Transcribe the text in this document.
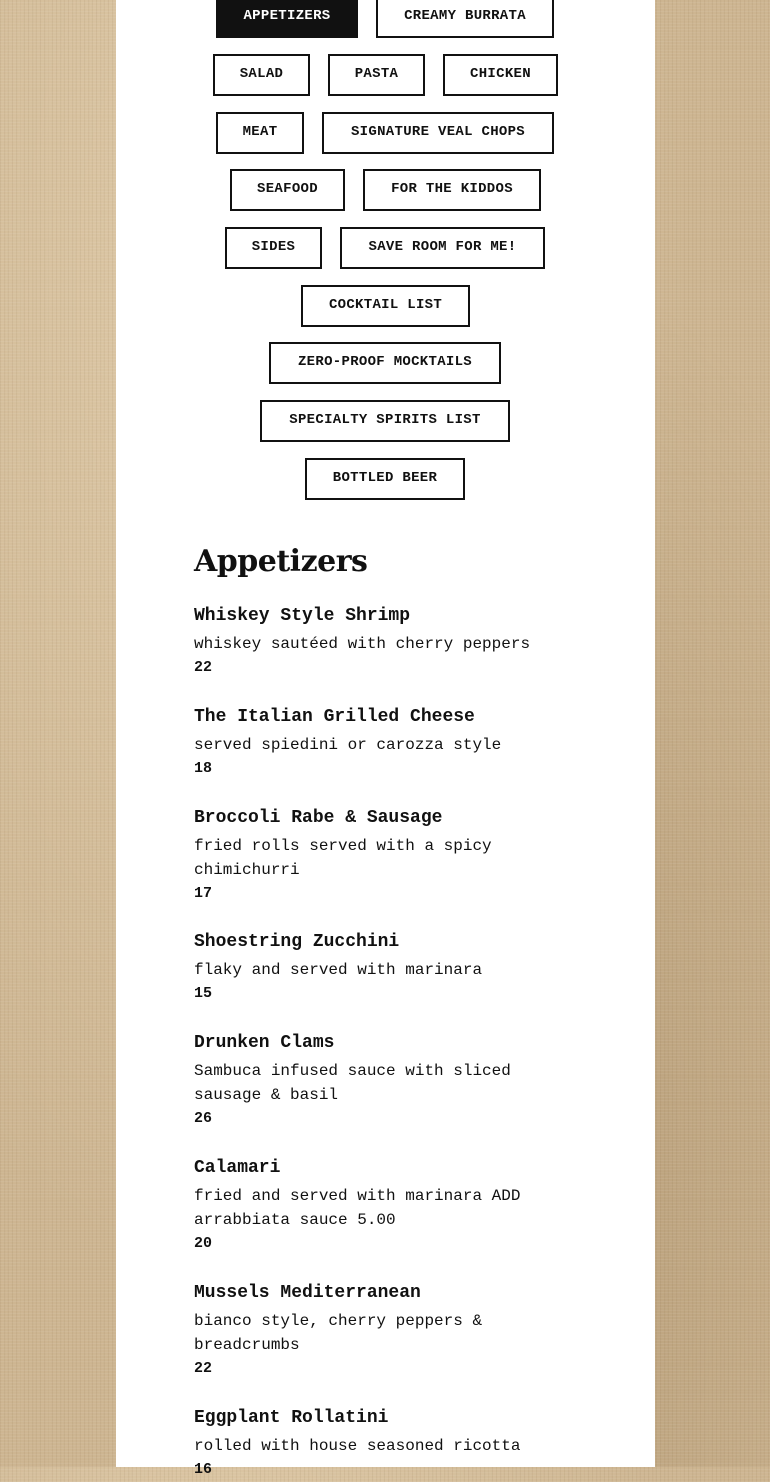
APPETIZERS	CREAMY BURRATA
SALAD	PASTA	CHICKEN
MEAT	SIGNATURE VEAL CHOPS
SEAFOOD	FOR THE KIDDOS
SIDES	SAVE ROOM FOR ME!
COCKTAIL LIST
ZERO-PROOF MOCKTAILS
SPECIALTY SPIRITS LIST
BOTTLED BEER
Appetizers

Whiskey Style Shrimp

whiskey sautéed with cherry peppers

22

The Italian Grilled Cheese

served spiedini or carozza style

18

Broccoli Rabe & Sausage

fried rolls served with a spicy chimichurri

17

Shoestring Zucchini

flaky and served with marinara

15

Drunken Clams

Sambuca infused sauce with sliced sausage & basil

26

Calamari

fried and served with marinara ADD arrabbiata sauce 5.00

20

Mussels Mediterranean

bianco style, cherry peppers & breadcrumbs

22

Eggplant Rollatini

rolled with house seasoned ricotta

16
